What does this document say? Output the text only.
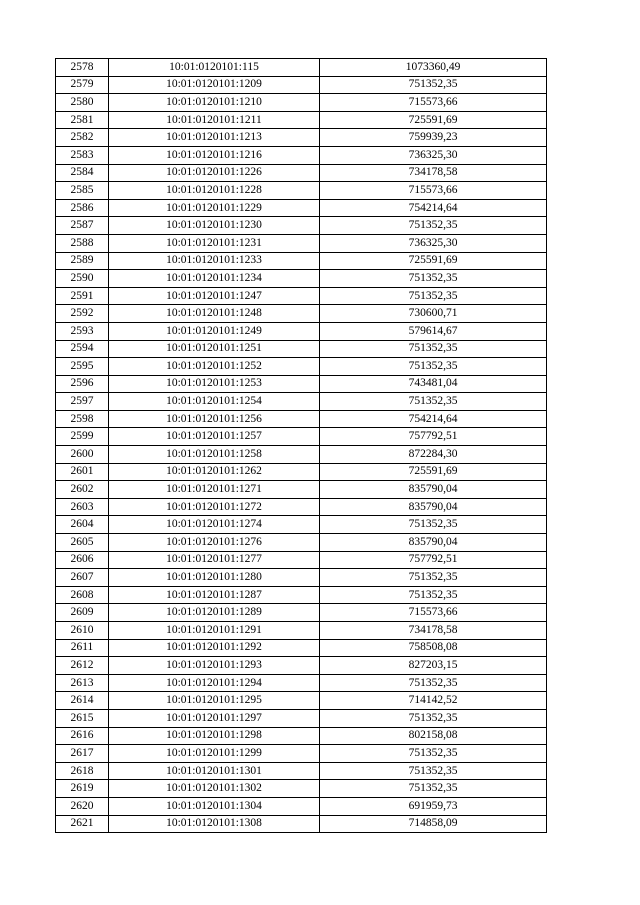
2578	10:01:0120101:115	1073360,49
2579	10:01:0120101:1209	751352,35
2580	10:01:0120101:1210	715573,66
2581	10:01:0120101:1211	725591,69
2582	10:01:0120101:1213	759939,23
2583	10:01:0120101:1216	736325,30
2584	10:01:0120101:1226	734178,58
2585	10:01:0120101:1228	715573,66
2586	10:01:0120101:1229	754214,64
2587	10:01:0120101:1230	751352,35
2588	10:01:0120101:1231	736325,30
2589	10:01:0120101:1233	725591,69
2590	10:01:0120101:1234	751352,35
2591	10:01:0120101:1247	751352,35
2592	10:01:0120101:1248	730600,71
2593	10:01:0120101:1249	579614,67
2594	10:01:0120101:1251	751352,35
2595	10:01:0120101:1252	751352,35
2596	10:01:0120101:1253	743481,04
2597	10:01:0120101:1254	751352,35
2598	10:01:0120101:1256	754214,64
2599	10:01:0120101:1257	757792,51
2600	10:01:0120101:1258	872284,30
2601	10:01:0120101:1262	725591,69
2602	10:01:0120101:1271	835790,04
2603	10:01:0120101:1272	835790,04
2604	10:01:0120101:1274	751352,35
2605	10:01:0120101:1276	835790,04
2606	10:01:0120101:1277	757792,51
2607	10:01:0120101:1280	751352,35
2608	10:01:0120101:1287	751352,35
2609	10:01:0120101:1289	715573,66
2610	10:01:0120101:1291	734178,58
2611	10:01:0120101:1292	758508,08
2612	10:01:0120101:1293	827203,15
2613	10:01:0120101:1294	751352,35
2614	10:01:0120101:1295	714142,52
2615	10:01:0120101:1297	751352,35
2616	10:01:0120101:1298	802158,08
2617	10:01:0120101:1299	751352,35
2618	10:01:0120101:1301	751352,35
2619	10:01:0120101:1302	751352,35
2620	10:01:0120101:1304	691959,73
2621	10:01:0120101:1308	714858,09
